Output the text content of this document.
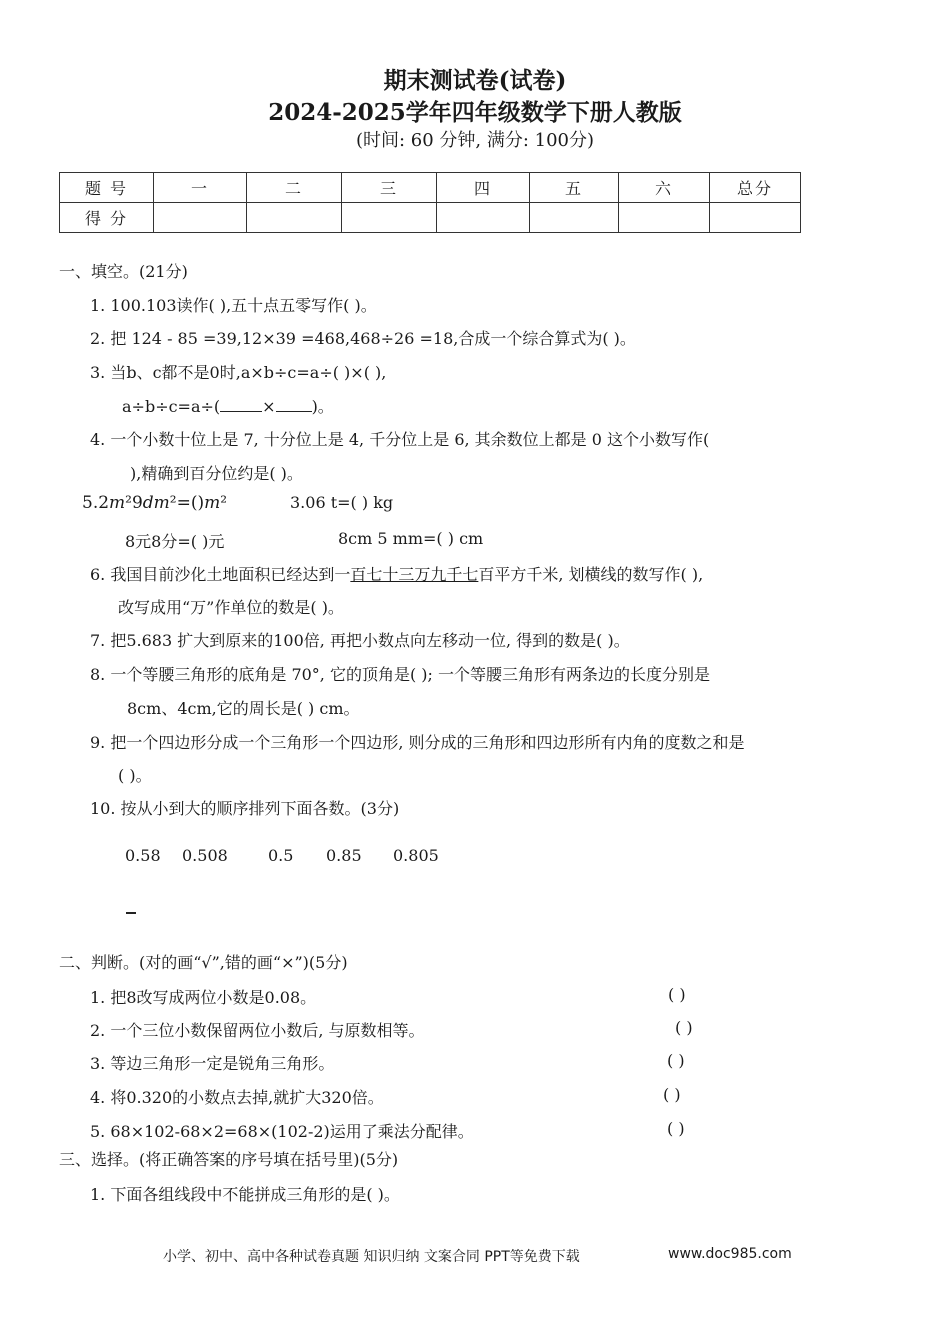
期末测试卷(试卷)
2024-2025学年四年级数学下册人教版
(时间: 60 分钟, 满分: 100分)
题 号	一	二	三	四	五	六	总分
得 分							
一、填空。(21分)
1. 100.103读作( ),五十点五零写作( )。
2. 把 124 - 85 =39,12×39 =468,468÷26 =18,合成一个综合算式为( )。
3. 当b、c都不是0时,a×b÷c=a÷( )×( ),
a÷b÷c=a÷(	× )。
4. 一个小数十位上是 7, 十分位上是 4, 千分位上是 6, 其余数位上都是 0 这个小数写作(
),精确到百分位约是( )。
5.2𝑚²9𝑑𝑚²=()𝑚²	3.06 t=( ) kg
8元8分=( )元	8cm 5 mm=( ) cm
6. 我国目前沙化土地面积已经达到一百七十三万九千七百平方千米, 划横线的数写作( ),
改写成用“万”作单位的数是( )。
7. 把5.683 扩大到原来的100倍, 再把小数点向左移动一位, 得到的数是( )。
8. 一个等腰三角形的底角是 70°, 它的顶角是( ); 一个等腰三角形有两条边的长度分别是
8cm、4cm,它的周长是( ) cm。
9. 把一个四边形分成一个三角形一个四边形, 则分成的三角形和四边形所有内角的度数之和是
( )。
10. 按从小到大的顺序排列下面各数。(3分)
0.58 0.508	0.5 0.85 0.805
二、判断。(对的画“√”,错的画“×”)(5分)
1. 把8改写成两位小数是0.08。	( )
2. 一个三位小数保留两位小数后, 与原数相等。	( )
3. 等边三角形一定是锐角三角形。	( )
4. 将0.320的小数点去掉,就扩大320倍。	( )
5. 68×102-68×2=68×(102-2)运用了乘法分配律。	( )
三、选择。(将正确答案的序号填在括号里)(5分)
1. 下面各组线段中不能拼成三角形的是( )。
小学、初中、高中各种试卷真题 知识归纳 文案合同 PPT等免费下载	www.doc985.com
